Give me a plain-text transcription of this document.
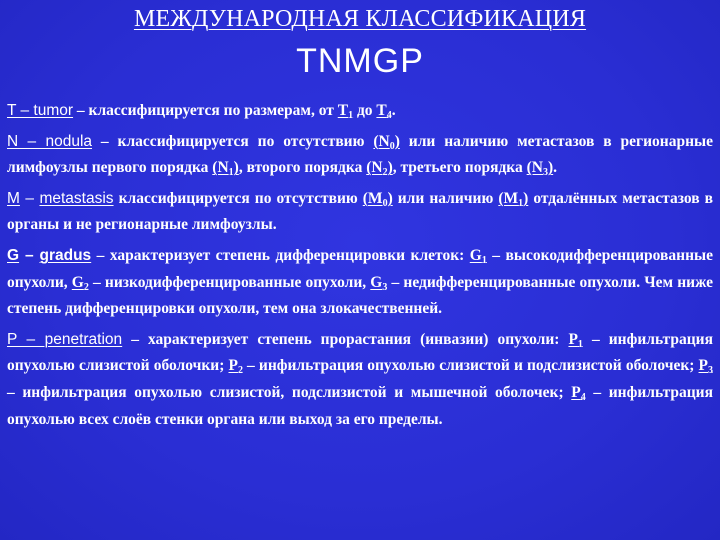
МЕЖДУНАРОДНАЯ КЛАССИФИКАЦИЯ
TNMGP

T – tumor – классифицируется по размерам, от $T_1$ до $T_4$.

N – nodula – классифицируется по отсутствию $(N_0)$ или наличию метастазов в регионарные лимфоузлы первого порядка $(N_1)$, второго порядка $(N_2)$, третьего порядка $(N_3)$.

M – metastasis классифицируется по отсутствию $(M_0)$ или наличию $(M_1)$ отдалённых метастазов в органы и не регионарные лимфоузлы.

G – gradus – характеризует степень дифференцировки клеток: $G_1$ – высокодифференцированные опухоли, $G_2$ – низкодифференцированные опухоли, $G_3$ – недифференцированные опухоли. Чем ниже степень дифференцировки опухоли, тем она злокачественней.

P – penetration – характеризует степень прорастания (инвазии) опухоли: $P_1$ – инфильтрация опухолью слизистой оболочки; $P_2$ – инфильтрация опухолью слизистой и подслизистой оболочек; $P_3$ – инфильтрация опухолью слизистой, подслизистой и мышечной оболочек; $P_4$ – инфильтрация опухолью всех слоёв стенки органа или выход за его пределы.
